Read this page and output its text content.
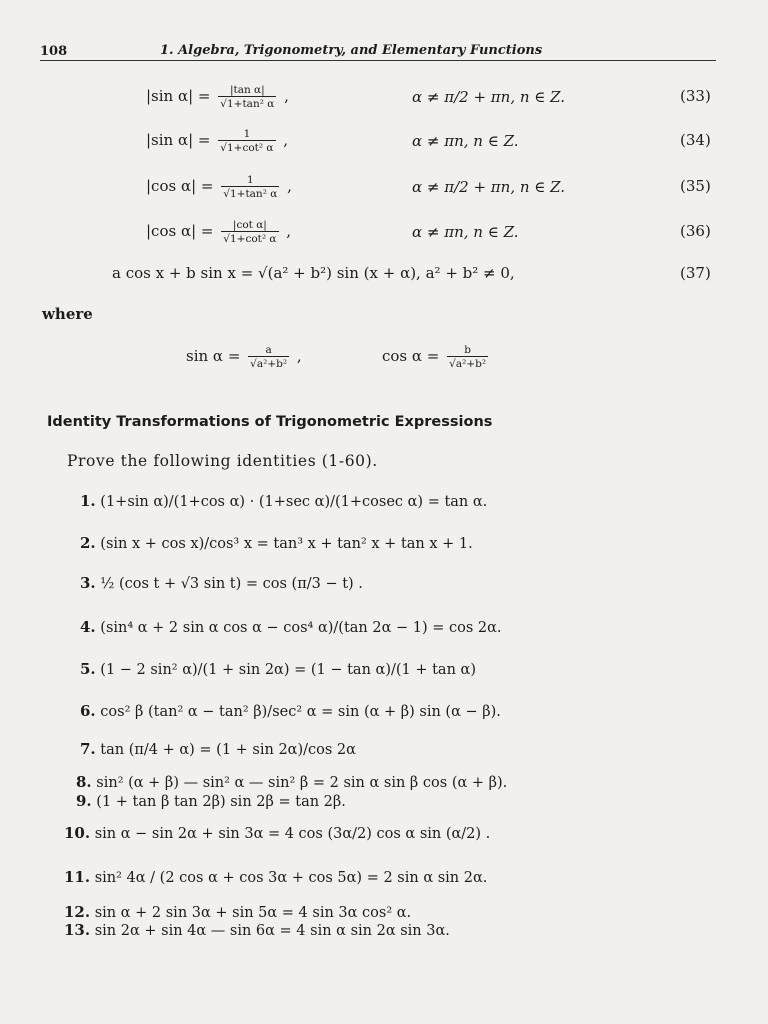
108	1. Algebra, Trigonometry, and Elementary Functions
|sin $\alpha| = \frac{\text{|tan α|}}{\text{√1+tan² α}}$ ,	α ≠ π/2 + πn, n ∈ Z.	(33)
|sin $\alpha| = \frac{1}{\text{√1+cot² α}}$ ,	α ≠ πn, n ∈ Z.	(34)
|cos $\alpha| = \frac{1}{\text{√1+tan² α}}$ ,	α ≠ π/2 + πn, n ∈ Z.	(35)
|cos $\alpha| = \frac{\text{|cot α|}}{\text{√1+cot² α}}$ ,	α ≠ πn, n ∈ Z.	(36)
a cos x + b sin x = √(a² + b²) sin (x + α), a² + b² ≠ 0,	(37)
where
$\sin \alpha = \frac{a}{\text{√a²+b²}}$ ,	$\cos \alpha = \frac{b}{\text{√a²+b²}}$
Identity Transformations of Trigonometric Expressions
Prove the following identities (1-60).
1. (1+sin α)/(1+cos α) · (1+sec α)/(1+cosec α) = tan α.
2. (sin x + cos x)/cos³ x = tan³ x + tan² x + tan x + 1.
3. ½ (cos t + √3 sin t) = cos (π/3 − t) .
4. (sin⁴ α + 2 sin α cos α − cos⁴ α)/(tan 2α − 1) = cos 2α.
5. (1 − 2 sin² α)/(1 + sin 2α) = (1 − tan α)/(1 + tan α)
6. cos² β (tan² α − tan² β)/sec² α = sin (α + β) sin (α − β).
7. tan (π/4 + α) = (1 + sin 2α)/cos 2α
8. sin² (α + β) — sin² α — sin² β = 2 sin α sin β cos (α + β).
9. (1 + tan β tan 2β) sin 2β = tan 2β.
10. sin α − sin 2α + sin 3α = 4 cos (3α/2) cos α sin (α/2) .
11. sin² 4α / (2 cos α + cos 3α + cos 5α) = 2 sin α sin 2α.
12. sin α + 2 sin 3α + sin 5α = 4 sin 3α cos² α.
13. sin 2α + sin 4α — sin 6α = 4 sin α sin 2α sin 3α.
